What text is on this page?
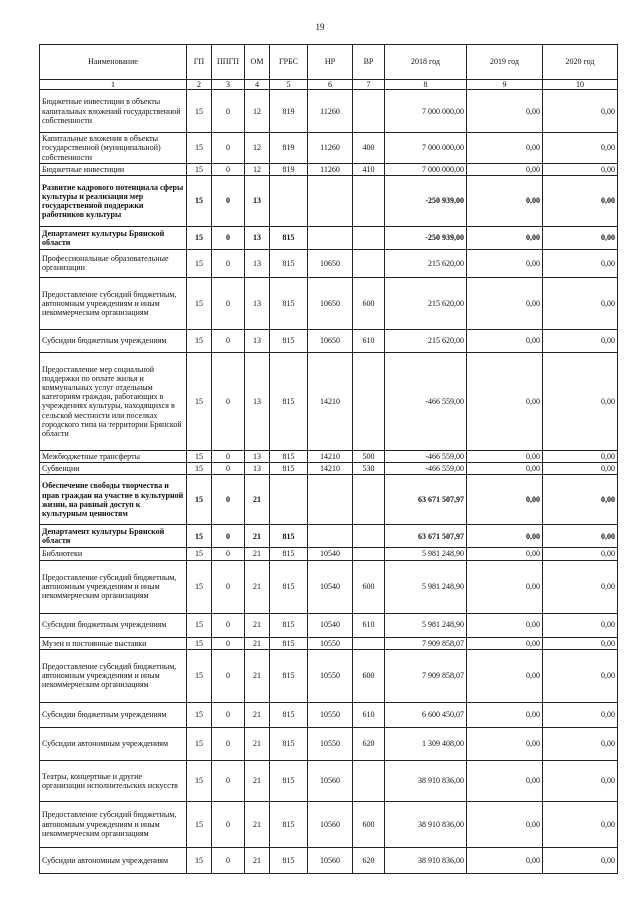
19
Наименование	ГП	ППГП	ОМ	ГРБС	НР	ВР	2018 год	2019 год	2020 год
1	2	3	4	5	6	7	8	9	10
Бюджетные инвестиции в объекты капитальных вложений государственной собственности	15	0	12	819	11260		7 000 000,00	0,00	0,00
Капитальные вложения в объекты государственной (муниципальной) собственности	15	0	12	819	11260	400	7 000 000,00	0,00	0,00
Бюджетные инвестиции	15	0	12	819	11260	410	7 000 000,00	0,00	0,00
Развитие кадрового потенциала сферы культуры и реализация мер государственной поддержки работников культуры	15	0	13				-250 939,00	0,00	0,00
Департамент культуры Брянской области	15	0	13	815			-250 939,00	0,00	0,00
Профессиональные образовательные организации	15	0	13	815	10650		215 620,00	0,00	0,00
Предоставление субсидий бюджетным, автономным учреждениям и иным некоммерческим организациям	15	0	13	815	10650	600	215 620,00	0,00	0,00
Субсидии бюджетным учреждениям	15	0	13	815	10650	610	215 620,00	0,00	0,00
Предоставление мер социальной поддержки по оплате жилья и коммунальных услуг отдельным категориям граждан, работающих в учреждениях культуры, находящихся в сельской местности или поселках городского типа на территории Брянской области	15	0	13	815	14210		-466 559,00	0,00	0,00
Межбюджетные трансферты	15	0	13	815	14210	500	-466 559,00	0,00	0,00
Субвенции	15	0	13	815	14210	530	-466 559,00	0,00	0,00
Обеспечение свободы творчества и прав граждан на участие в культурной жизни, на равный доступ к культурным ценностям	15	0	21				63 671 507,97	0,00	0,00
Департамент культуры Брянской области	15	0	21	815			63 671 507,97	0,00	0,00
Библиотеки	15	0	21	815	10540		5 981 248,90	0,00	0,00
Предоставление субсидий бюджетным, автономным учреждениям и иным некоммерческим организациям	15	0	21	815	10540	600	5 981 248,90	0,00	0,00
Субсидии бюджетным учреждениям	15	0	21	815	10540	610	5 981 248,90	0,00	0,00
Музеи и постоянные выставки	15	0	21	815	10550		7 909 858,07	0,00	0,00
Предоставление субсидий бюджетным, автономным учреждениям и иным некоммерческим организациям	15	0	21	815	10550	600	7 909 858,07	0,00	0,00
Субсидии бюджетным учреждениям	15	0	21	815	10550	610	6 600 450,07	0,00	0,00
Субсидии автономным учреждениям	15	0	21	815	10550	620	1 309 408,00	0,00	0,00
Театры, концертные и другие организации исполнительских искусств	15	0	21	815	10560		38 910 836,00	0,00	0,00
Предоставление субсидий бюджетным, автономным учреждениям и иным некоммерческим организациям	15	0	21	815	10560	600	38 910 836,00	0,00	0,00
Субсидии автономным учреждениям	15	0	21	815	10560	620	38 910 836,00	0,00	0,00
